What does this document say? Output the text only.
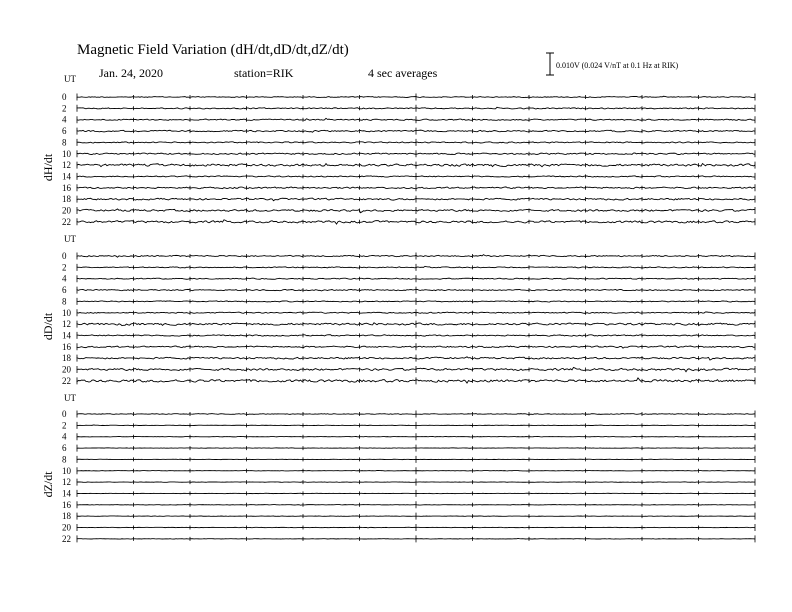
Magnetic Field Variation (dH/dt,dD/dt,dZ/dt)
Jan. 24, 2020	station=RIK	4 sec averages
0.010V (0.024 V/nT at 0.1 Hz at RIK)
UT
dH/dt
0
2
4
6
8
10
12
14
16
18
20
22
UT
dD/dt
0
2
4
6
8
10
12
14
16
18
20
22
UT
dZ/dt
0
2
4
6
8
10
12
14
16
18
20
22
